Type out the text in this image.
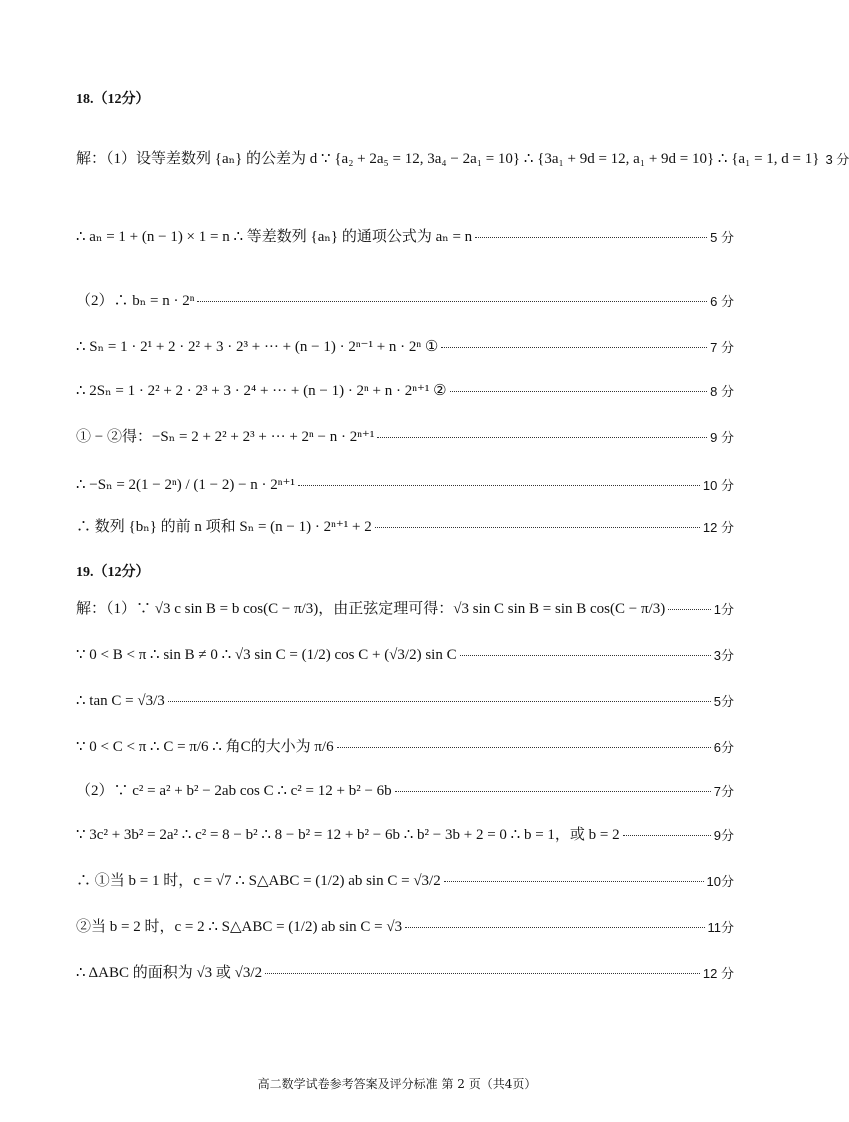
18.（12分）
解：（1）设等差数列 {aₙ} 的公差为 d ∵ {a₂ + 2a₅ = 12, 3a₄ − 2a₁ = 10} ∴ {3a₁ + 9d = 12, a₁ + 9d = 10} ∴ {a₁ = 1, d = 1} 3 分
∴ aₙ = 1 + (n − 1) × 1 = n ∴ 等差数列 {aₙ} 的通项公式为 aₙ = n	5 分
（2）∴ bₙ = n · 2ⁿ	6 分
∴ Sₙ = 1 · 2¹ + 2 · 2² + 3 · 2³ + ··· + (n − 1) · 2ⁿ⁻¹ + n · 2ⁿ ①	7 分
∴ 2Sₙ = 1 · 2² + 2 · 2³ + 3 · 2⁴ + ··· + (n − 1) · 2ⁿ + n · 2ⁿ⁺¹ ②	8 分
① − ②得：−Sₙ = 2 + 2² + 2³ + ··· + 2ⁿ − n · 2ⁿ⁺¹	9 分
∴ −Sₙ = 2(1 − 2ⁿ) / (1 − 2) − n · 2ⁿ⁺¹	10 分
∴ 数列 {bₙ} 的前 n 项和 Sₙ = (n − 1) · 2ⁿ⁺¹ + 2	12 分
19.（12分）
解：（1）∵ √3 c sin B = b cos(C − π/3)，由正弦定理可得：√3 sin C sin B = sin B cos(C − π/3)	1分
∵ 0 < B < π ∴ sin B ≠ 0 ∴ √3 sin C = (1/2) cos C + (√3/2) sin C	3分
∴ tan C = √3/3	5分
∵ 0 < C < π ∴ C = π/6 ∴ 角C的大小为 π/6	6分
（2）∵ c² = a² + b² − 2ab cos C ∴ c² = 12 + b² − 6b	7分
∵ 3c² + 3b² = 2a² ∴ c² = 8 − b² ∴ 8 − b² = 12 + b² − 6b ∴ b² − 3b + 2 = 0 ∴ b = 1，或 b = 2	9分
∴ ①当 b = 1 时，c = √7 ∴ S△ABC = (1/2) ab sin C = √3/2	10分
②当 b = 2 时，c = 2 ∴ S△ABC = (1/2) ab sin C = √3	11分
∴ ΔABC 的面积为 √3 或 √3/2	12 分
高二数学试卷参考答案及评分标准 第 2 页（共4页）
